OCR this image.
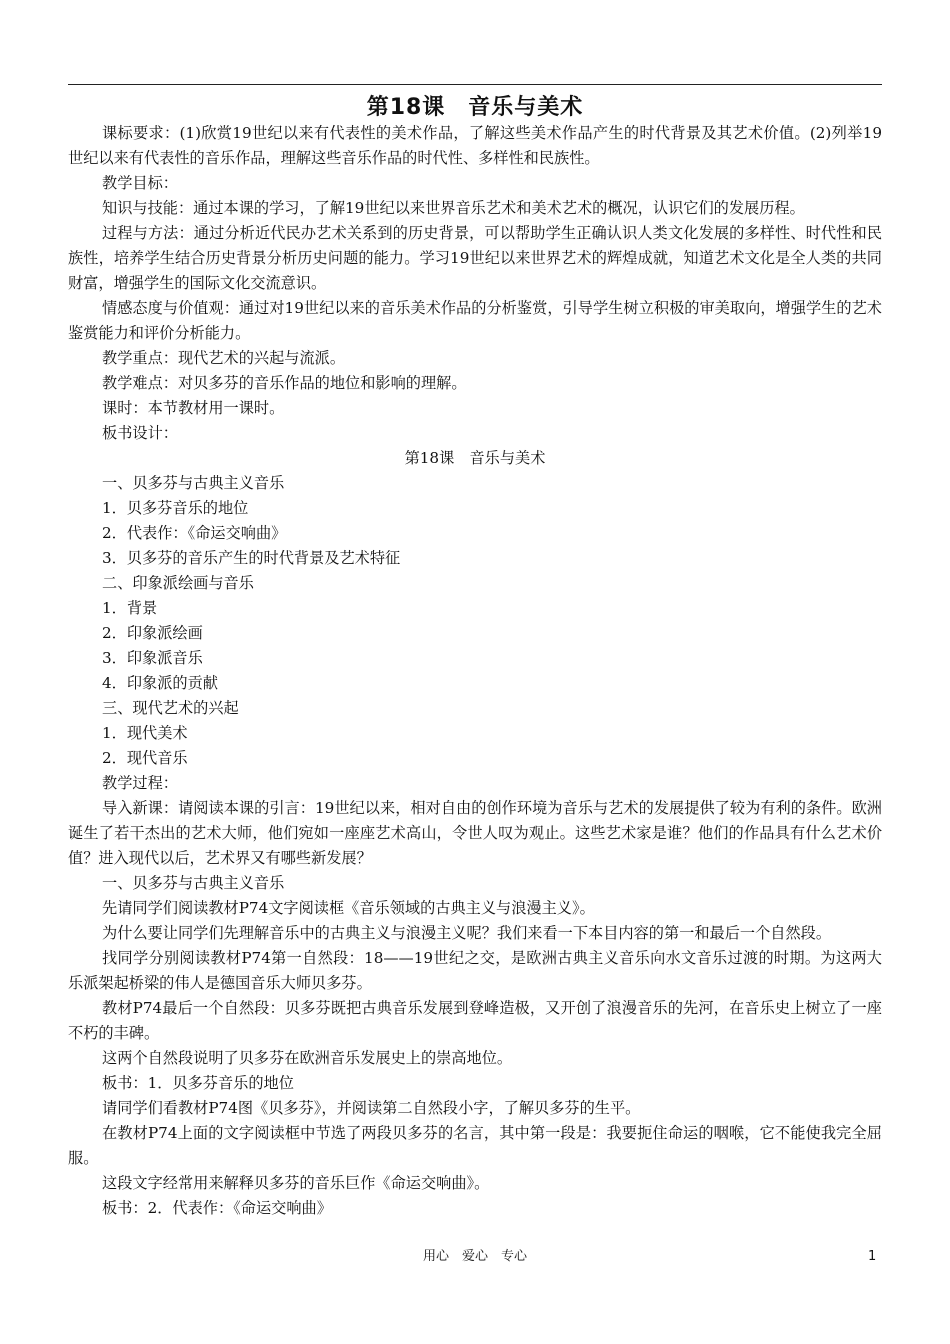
第18课　音乐与美术

课标要求：(1)欣赏19世纪以来有代表性的美术作品，了解这些美术作品产生的时代背景及其艺术价值。(2)列举19世纪以来有代表性的音乐作品，理解这些音乐作品的时代性、多样性和民族性。

教学目标：

知识与技能：通过本课的学习，了解19世纪以来世界音乐艺术和美术艺术的概况，认识它们的发展历程。

过程与方法：通过分析近代民办艺术关系到的历史背景，可以帮助学生正确认识人类文化发展的多样性、时代性和民族性，培养学生结合历史背景分析历史问题的能力。学习19世纪以来世界艺术的辉煌成就，知道艺术文化是全人类的共同财富，增强学生的国际文化交流意识。

情感态度与价值观：通过对19世纪以来的音乐美术作品的分析鉴赏，引导学生树立积极的审美取向，增强学生的艺术鉴赏能力和评价分析能力。

教学重点：现代艺术的兴起与流派。

教学难点：对贝多芬的音乐作品的地位和影响的理解。

课时：本节教材用一课时。

板书设计：

第18课　音乐与美术

一、贝多芬与古典主义音乐

1．贝多芬音乐的地位

2．代表作：《命运交响曲》

3．贝多芬的音乐产生的时代背景及艺术特征

二、印象派绘画与音乐

1．背景

2．印象派绘画

3．印象派音乐

4．印象派的贡献

三、现代艺术的兴起

1．现代美术

2．现代音乐

教学过程：

导入新课：请阅读本课的引言：19世纪以来，相对自由的创作环境为音乐与艺术的发展提供了较为有利的条件。欧洲诞生了若干杰出的艺术大师，他们宛如一座座艺术高山，令世人叹为观止。这些艺术家是谁？他们的作品具有什么艺术价值？进入现代以后，艺术界又有哪些新发展？

一、贝多芬与古典主义音乐

先请同学们阅读教材P74文字阅读框《音乐领域的古典主义与浪漫主义》。

为什么要让同学们先理解音乐中的古典主义与浪漫主义呢？我们来看一下本目内容的第一和最后一个自然段。

找同学分别阅读教材P74第一自然段：18——19世纪之交，是欧洲古典主义音乐向水文音乐过渡的时期。为这两大乐派架起桥梁的伟人是德国音乐大师贝多芬。

教材P74最后一个自然段：贝多芬既把古典音乐发展到登峰造极，又开创了浪漫音乐的先河，在音乐史上树立了一座不朽的丰碑。

这两个自然段说明了贝多芬在欧洲音乐发展史上的崇高地位。

板书：1．贝多芬音乐的地位

请同学们看教材P74图《贝多芬》，并阅读第二自然段小字，了解贝多芬的生平。

在教材P74上面的文字阅读框中节选了两段贝多芬的名言，其中第一段是：我要扼住命运的咽喉，它不能使我完全屈服。

这段文字经常用来解释贝多芬的音乐巨作《命运交响曲》。

板书：2．代表作：《命运交响曲》

用心　爱心　专心	1
